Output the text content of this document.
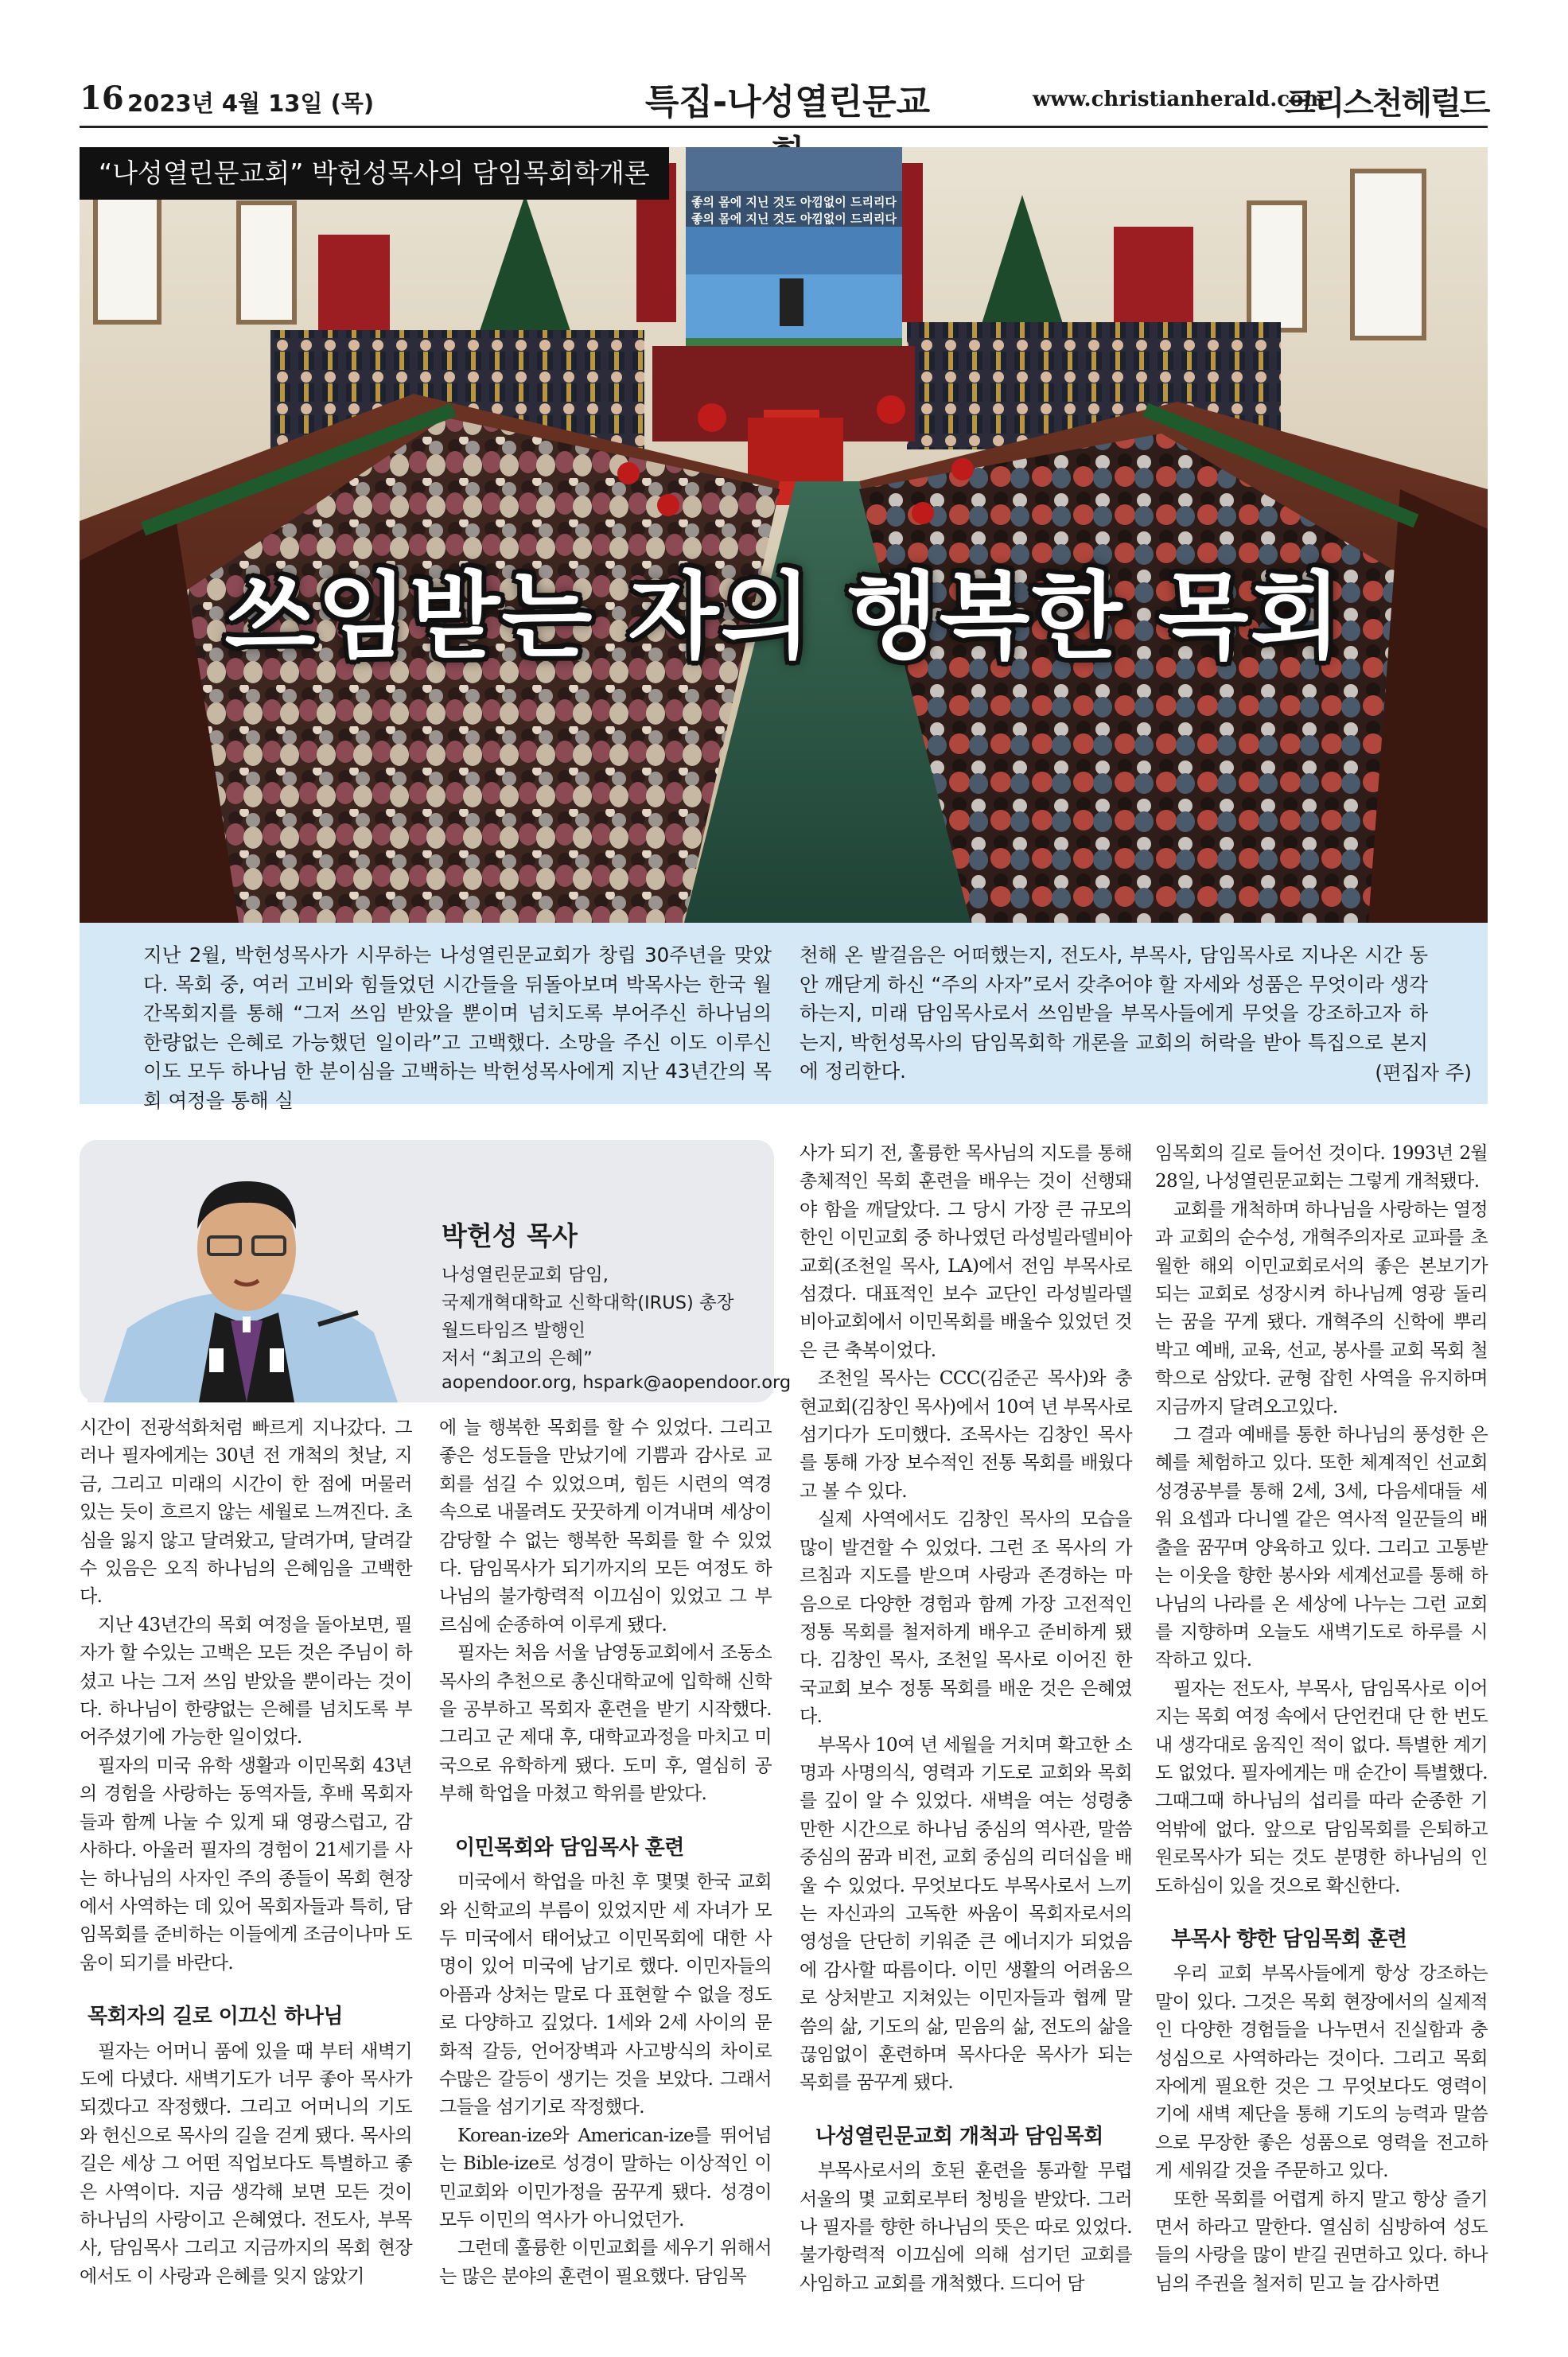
16 2023년 4월 13일 (목)	특집-나성열린문교	www.christianherald.com
크리스천헤럴드
좋의 몸에 지닌 것도 아낌없이 드리리다
좋의 몸에 지닌 것도 아낌없이 드리리다
“나성열린문교회” 박헌성목사의 담임목회학개론
쓰임받는 자의 행복한 목회

지난 2월, 박헌성목사가 시무하는 나성열린문교회가 창립 30주년을 맞았다. 목회 중, 여러 고비와 힘들었던 시간들을 뒤돌아보며 박목사는 한국 월간목회지를 통해 “그저 쓰임 받았을 뿐이며 넘치도록 부어주신 하나님의 한량없는 은혜로 가능했던 일이라”고 고백했다. 소망을 주신 이도 이루신 이도 모두 하나님 한 분이심을 고백하는 박헌성목사에게 지난 43년간의 목회 여정을 통해 실

천해 온 발걸음은 어떠했는지, 전도사, 부목사, 담임목사로 지나온 시간 동안 깨닫게 하신 “주의 사자”로서 갖추어야 할 자세와 성품은 무엇이라 생각하는지, 미래 담임목사로서 쓰임받을 부목사들에게 무엇을 강조하고자 하는지, 박헌성목사의 담임목회학 개론을 교회의 허락을 받아 특집으로 본지에 정리한다.	(편집자 주)
박헌성 목사
나성열린문교회 담임,
국제개혁대학교 신학대학(IRUS) 총장
월드타임즈 발행인
저서 “최고의 은혜”
aopendoor.org, hspark@aopendoor.org

시간이 전광석화처럼 빠르게 지나갔다. 그러나 필자에게는 30년 전 개척의 첫날, 지금, 그리고 미래의 시간이 한 점에 머물러 있는 듯이 흐르지 않는 세월로 느껴진다. 초심을 잃지 않고 달려왔고, 달려가며, 달려갈 수 있음은 오직 하나님의 은혜임을 고백한다.

지난 43년간의 목회 여정을 돌아보면, 필자가 할 수있는 고백은 모든 것은 주님이 하셨고 나는 그저 쓰임 받았을 뿐이라는 것이다. 하나님이 한량없는 은혜를 넘치도록 부어주셨기에 가능한 일이었다.

필자의 미국 유학 생활과 이민목회 43년의 경험을 사랑하는 동역자들, 후배 목회자들과 함께 나눌 수 있게 돼 영광스럽고, 감사하다. 아울러 필자의 경험이 21세기를 사는 하나님의 사자인 주의 종들이 목회 현장에서 사역하는 데 있어 목회자들과 특히, 담임목회를 준비하는 이들에게 조금이나마 도움이 되기를 바란다.

목회자의 길로 이끄신 하나님

필자는 어머니 품에 있을 때 부터 새벽기도에 다녔다. 새벽기도가 너무 좋아 목사가 되겠다고 작정했다. 그리고 어머니의 기도와 헌신으로 목사의 길을 걷게 됐다. 목사의 길은 세상 그 어떤 직업보다도 특별하고 좋은 사역이다. 지금 생각해 보면 모든 것이 하나님의 사랑이고 은혜였다. 전도사, 부목사, 담임목사 그리고 지금까지의 목회 현장에서도 이 사랑과 은혜를 잊지 않았기

에 늘 행복한 목회를 할 수 있었다. 그리고 좋은 성도들을 만났기에 기쁨과 감사로 교회를 섬길 수 있었으며, 힘든 시련의 역경 속으로 내몰려도 꿋꿋하게 이겨내며 세상이 감당할 수 없는 행복한 목회를 할 수 있었다. 담임목사가 되기까지의 모든 여정도 하나님의 불가항력적 이끄심이 있었고 그 부르심에 순종하여 이루게 됐다.

필자는 처음 서울 남영동교회에서 조동소 목사의 추천으로 총신대학교에 입학해 신학을 공부하고 목회자 훈련을 받기 시작했다. 그리고 군 제대 후, 대학교과정을 마치고 미국으로 유학하게 됐다. 도미 후, 열심히 공부해 학업을 마쳤고 학위를 받았다.

이민목회와 담임목사 훈련

미국에서 학업을 마친 후 몇몇 한국 교회와 신학교의 부름이 있었지만 세 자녀가 모두 미국에서 태어났고 이민목회에 대한 사명이 있어 미국에 남기로 했다. 이민자들의 아픔과 상처는 말로 다 표현할 수 없을 정도로 다양하고 깊었다. 1세와 2세 사이의 문화적 갈등, 언어장벽과 사고방식의 차이로 수많은 갈등이 생기는 것을 보았다. 그래서 그들을 섬기기로 작정했다.

Korean-ize와 American-ize를 뛰어넘는 Bible-ize로 성경이 말하는 이상적인 이민교회와 이민가정을 꿈꾸게 됐다. 성경이 모두 이민의 역사가 아니었던가.

그런데 훌륭한 이민교회를 세우기 위해서는 많은 분야의 훈련이 필요했다. 담임목

사가 되기 전, 훌륭한 목사님의 지도를 통해 총체적인 목회 훈련을 배우는 것이 선행돼야 함을 깨달았다. 그 당시 가장 큰 규모의 한인 이민교회 중 하나였던 라성빌라델비아교회(조천일 목사, LA)에서 전임 부목사로 섬겼다. 대표적인 보수 교단인 라성빌라델비아교회에서 이민목회를 배울수 있었던 것은 큰 축복이었다.

조천일 목사는 CCC(김준곤 목사)와 충현교회(김창인 목사)에서 10여 년 부목사로 섬기다가 도미했다. 조목사는 김창인 목사를 통해 가장 보수적인 전통 목회를 배웠다고 볼 수 있다.

실제 사역에서도 김창인 목사의 모습을 많이 발견할 수 있었다. 그런 조 목사의 가르침과 지도를 받으며 사랑과 존경하는 마음으로 다양한 경험과 함께 가장 고전적인 정통 목회를 철저하게 배우고 준비하게 됐다. 김창인 목사, 조천일 목사로 이어진 한국교회 보수 정통 목회를 배운 것은 은혜였다.

부목사 10여 년 세월을 거치며 확고한 소명과 사명의식, 영력과 기도로 교회와 목회를 깊이 알 수 있었다. 새벽을 여는 성령충만한 시간으로 하나님 중심의 역사관, 말씀 중심의 꿈과 비전, 교회 중심의 리더십을 배울 수 있었다. 무엇보다도 부목사로서 느끼는 자신과의 고독한 싸움이 목회자로서의 영성을 단단히 키워준 큰 에너지가 되었음에 감사할 따름이다. 이민 생활의 어려움으로 상처받고 지쳐있는 이민자들과 협께 말씀의 삶, 기도의 삶, 믿음의 삶, 전도의 삶을 끊임없이 훈련하며 목사다운 목사가 되는 목회를 꿈꾸게 됐다.

나성열린문교회 개척과 담임목회

부목사로서의 호된 훈련을 통과할 무렵 서울의 몇 교회로부터 청빙을 받았다. 그러나 필자를 향한 하나님의 뜻은 따로 있었다. 불가항력적 이끄심에 의해 섬기던 교회를 사임하고 교회를 개척했다. 드디어 담

임목회의 길로 들어선 것이다. 1993년 2월 28일, 나성열린문교회는 그렇게 개척됐다.

교회를 개척하며 하나님을 사랑하는 열정과 교회의 순수성, 개혁주의자로 교파를 초월한 해외 이민교회로서의 좋은 본보기가 되는 교회로 성장시켜 하나님께 영광 돌리는 꿈을 꾸게 됐다. 개혁주의 신학에 뿌리 박고 예배, 교육, 선교, 봉사를 교회 목회 철학으로 삼았다. 균형 잡힌 사역을 유지하며 지금까지 달려오고있다.

그 결과 예배를 통한 하나님의 풍성한 은혜를 체험하고 있다. 또한 체계적인 선교회 성경공부를 통해 2세, 3세, 다음세대들 세워 요셉과 다니엘 같은 역사적 일꾼들의 배출을 꿈꾸며 양육하고 있다. 그리고 고통받는 이웃을 향한 봉사와 세계선교를 통해 하나님의 나라를 온 세상에 나누는 그런 교회를 지향하며 오늘도 새벽기도로 하루를 시작하고 있다.

필자는 전도사, 부목사, 담임목사로 이어지는 목회 여정 속에서 단언컨대 단 한 번도 내 생각대로 움직인 적이 없다. 특별한 계기도 없었다. 필자에게는 매 순간이 특별했다. 그때그때 하나님의 섭리를 따라 순종한 기억밖에 없다. 앞으로 담임목회를 은퇴하고 원로목사가 되는 것도 분명한 하나님의 인도하심이 있을 것으로 확신한다.

부목사 향한 담임목회 훈련

우리 교회 부목사들에게 항상 강조하는 말이 있다. 그것은 목회 현장에서의 실제적인 다양한 경험들을 나누면서 진실함과 충성심으로 사역하라는 것이다. 그리고 목회자에게 필요한 것은 그 무엇보다도 영력이기에 새벽 제단을 통해 기도의 능력과 말씀으로 무장한 좋은 성품으로 영력을 전고하게 세워갈 것을 주문하고 있다.

또한 목회를 어렵게 하지 말고 항상 즐기면서 하라고 말한다. 열심히 심방하여 성도들의 사랑을 많이 받길 권면하고 있다. 하나님의 주권을 철저히 믿고 늘 감사하면
